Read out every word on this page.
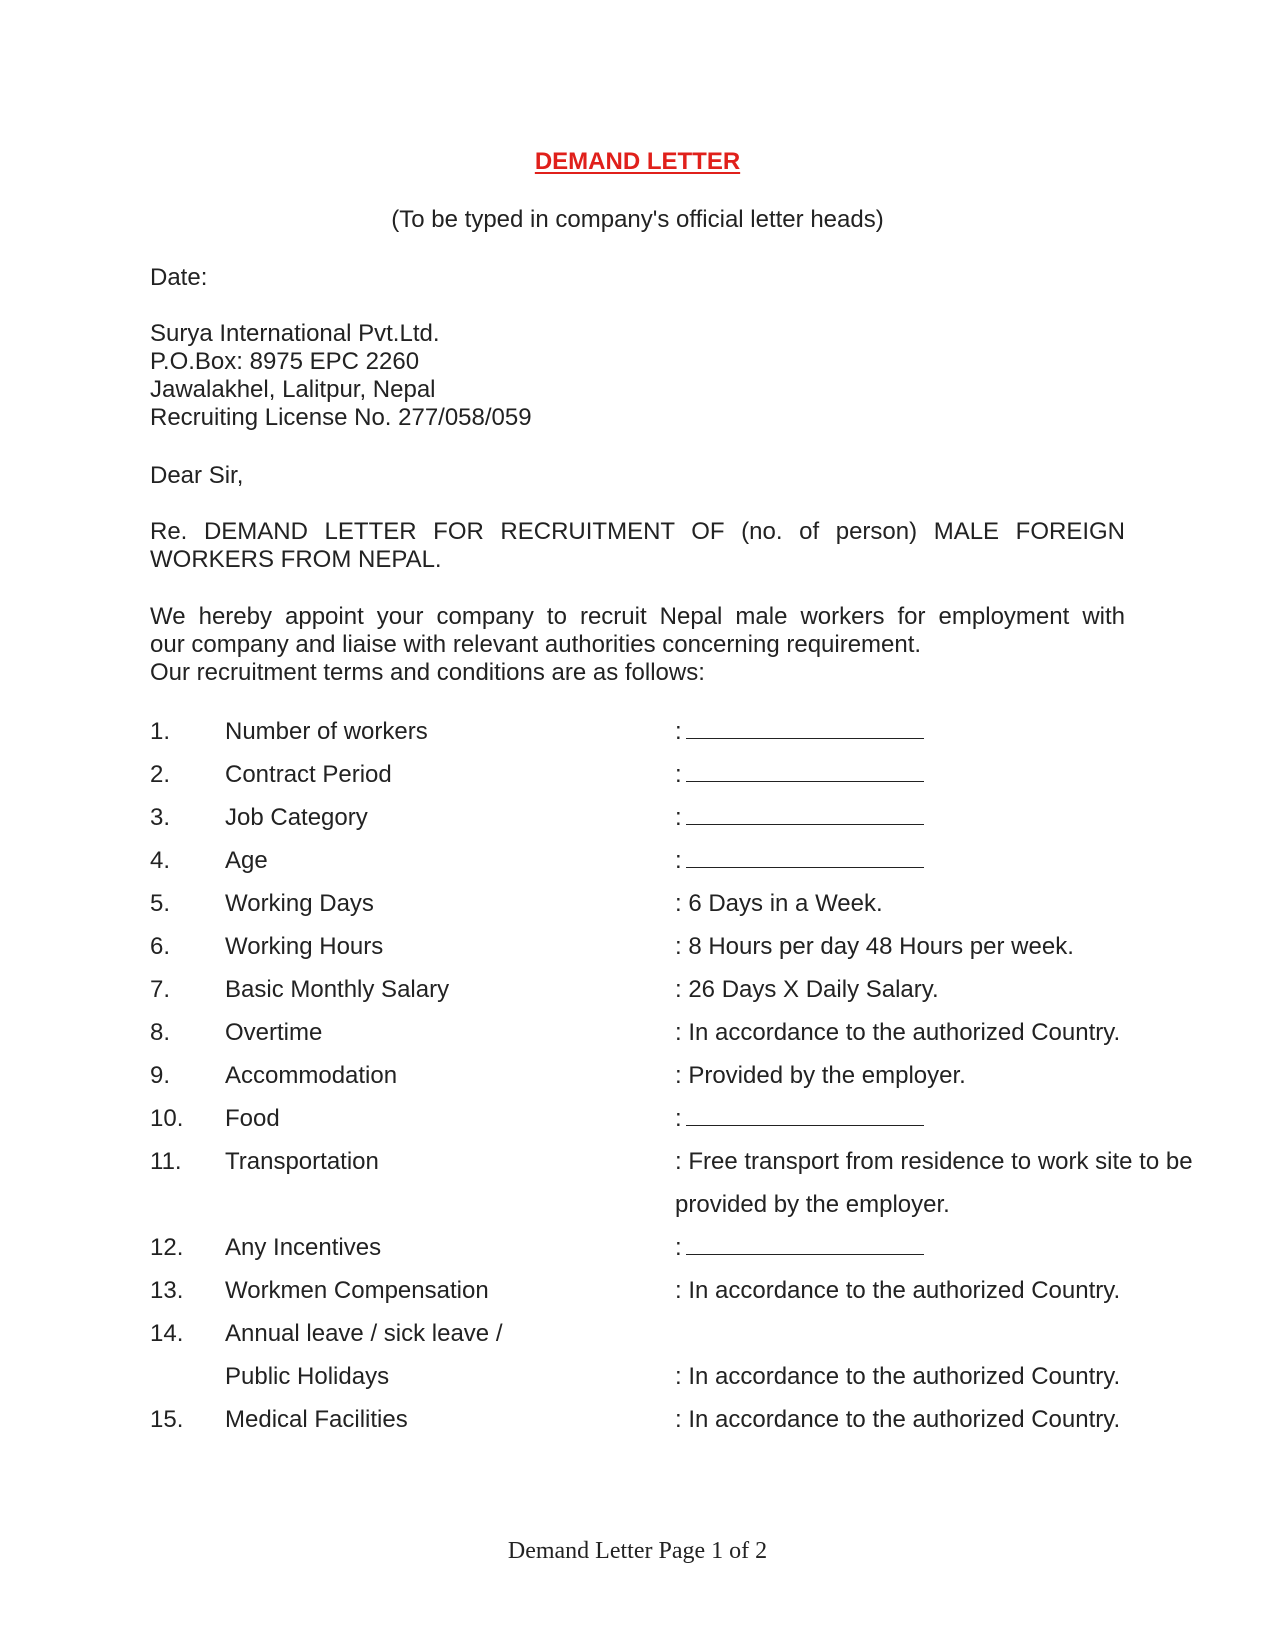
DEMAND LETTER
(To be typed in company's official letter heads)
Date:
Surya International Pvt.Ltd.
P.O.Box: 8975 EPC 2260
Jawalakhel, Lalitpur, Nepal
Recruiting License No. 277/058/059
Dear Sir,
Re. DEMAND LETTER FOR RECRUITMENT OF (no. of person) MALE FOREIGN
WORKERS FROM NEPAL.
We hereby appoint your company to recruit Nepal male workers for employment with
our company and liaise with relevant authorities concerning requirement.
Our recruitment terms and conditions are as follows:
1. Number of workers	:
2. Contract Period	:
3. Job Category	:
4. Age	:
5. Working Days	: 6 Days in a Week.
6. Working Hours	: 8 Hours per day 48 Hours per week.
7. Basic Monthly Salary	: 26 Days X Daily Salary.
8. Overtime	: In accordance to the authorized Country.
9. Accommodation	: Provided by the employer.
10. Food	:
11. Transportation	: Free transport from residence to work site to be
provided by the employer.
12. Any Incentives	:
13. Workmen Compensation	: In accordance to the authorized Country.
14. Annual leave / sick leave /
Public Holidays	: In accordance to the authorized Country.
15. Medical Facilities	: In accordance to the authorized Country.
Demand Letter Page 1 of 2
